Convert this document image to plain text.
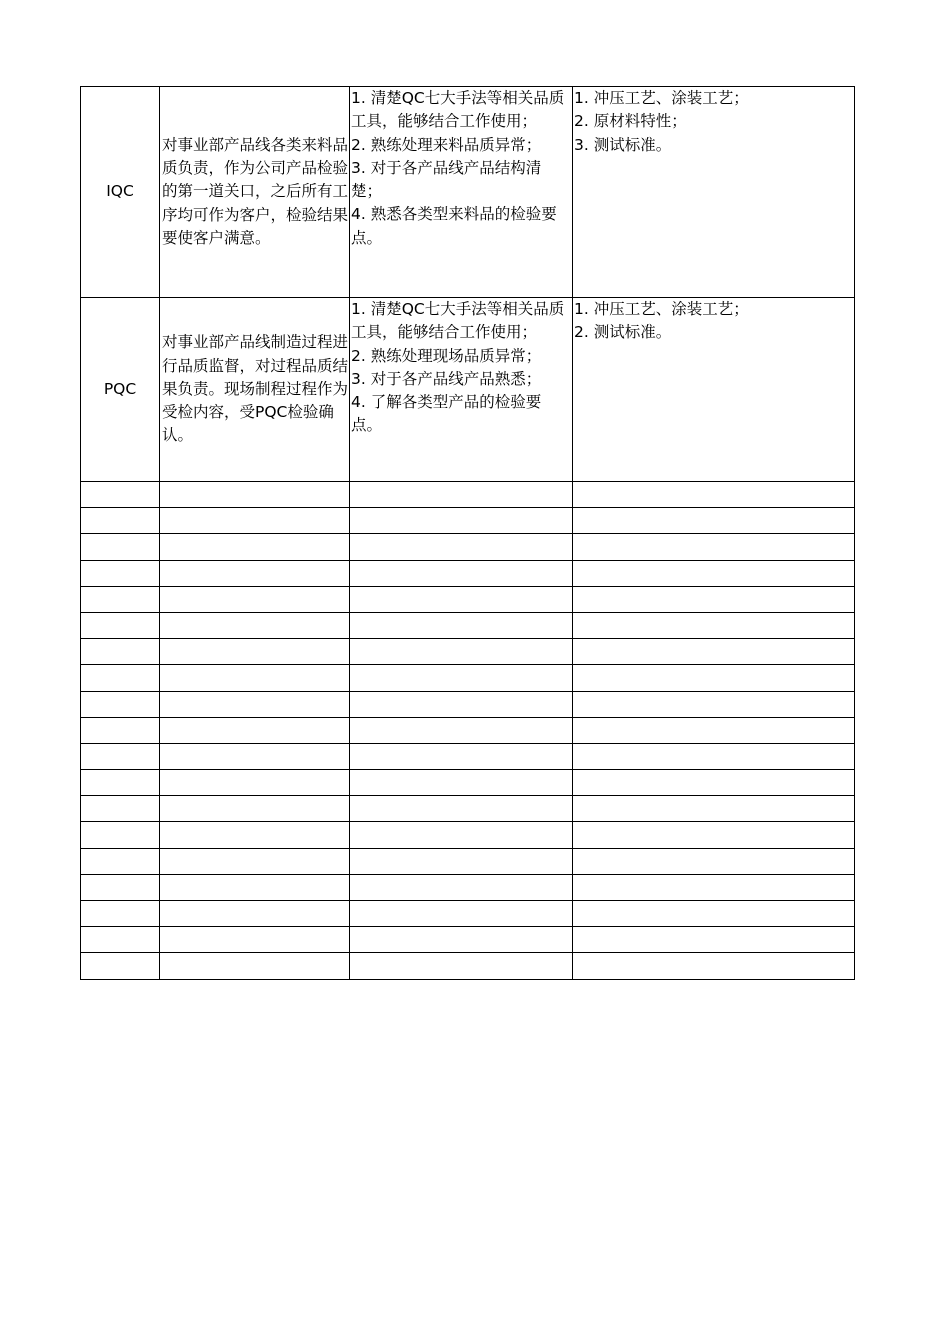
IQC	对事业部产品线各类来料品质负责，作为公司产品检验的第一道关口，之后所有工序均可作为客户，检验结果要使客户满意。	1. 清楚QC七大手法等相关品质工具，能够结合工作使用；
2. 熟练处理来料品质异常；
3. 对于各产品线产品结构清楚；
4. 熟悉各类型来料品的检验要点。	1. 冲压工艺、涂装工艺；
2. 原材料特性；
3. 测试标准。

PQC	对事业部产品线制造过程进行品质监督，对过程品质结果负责。现场制程过程作为受检内容，受PQC检验确认。	1. 清楚QC七大手法等相关品质工具，能够结合工作使用；
2. 熟练处理现场品质异常；
3. 对于各产品线产品熟悉；
4. 了解各类型产品的检验要点。	1. 冲压工艺、涂装工艺；
2. 测试标准。
